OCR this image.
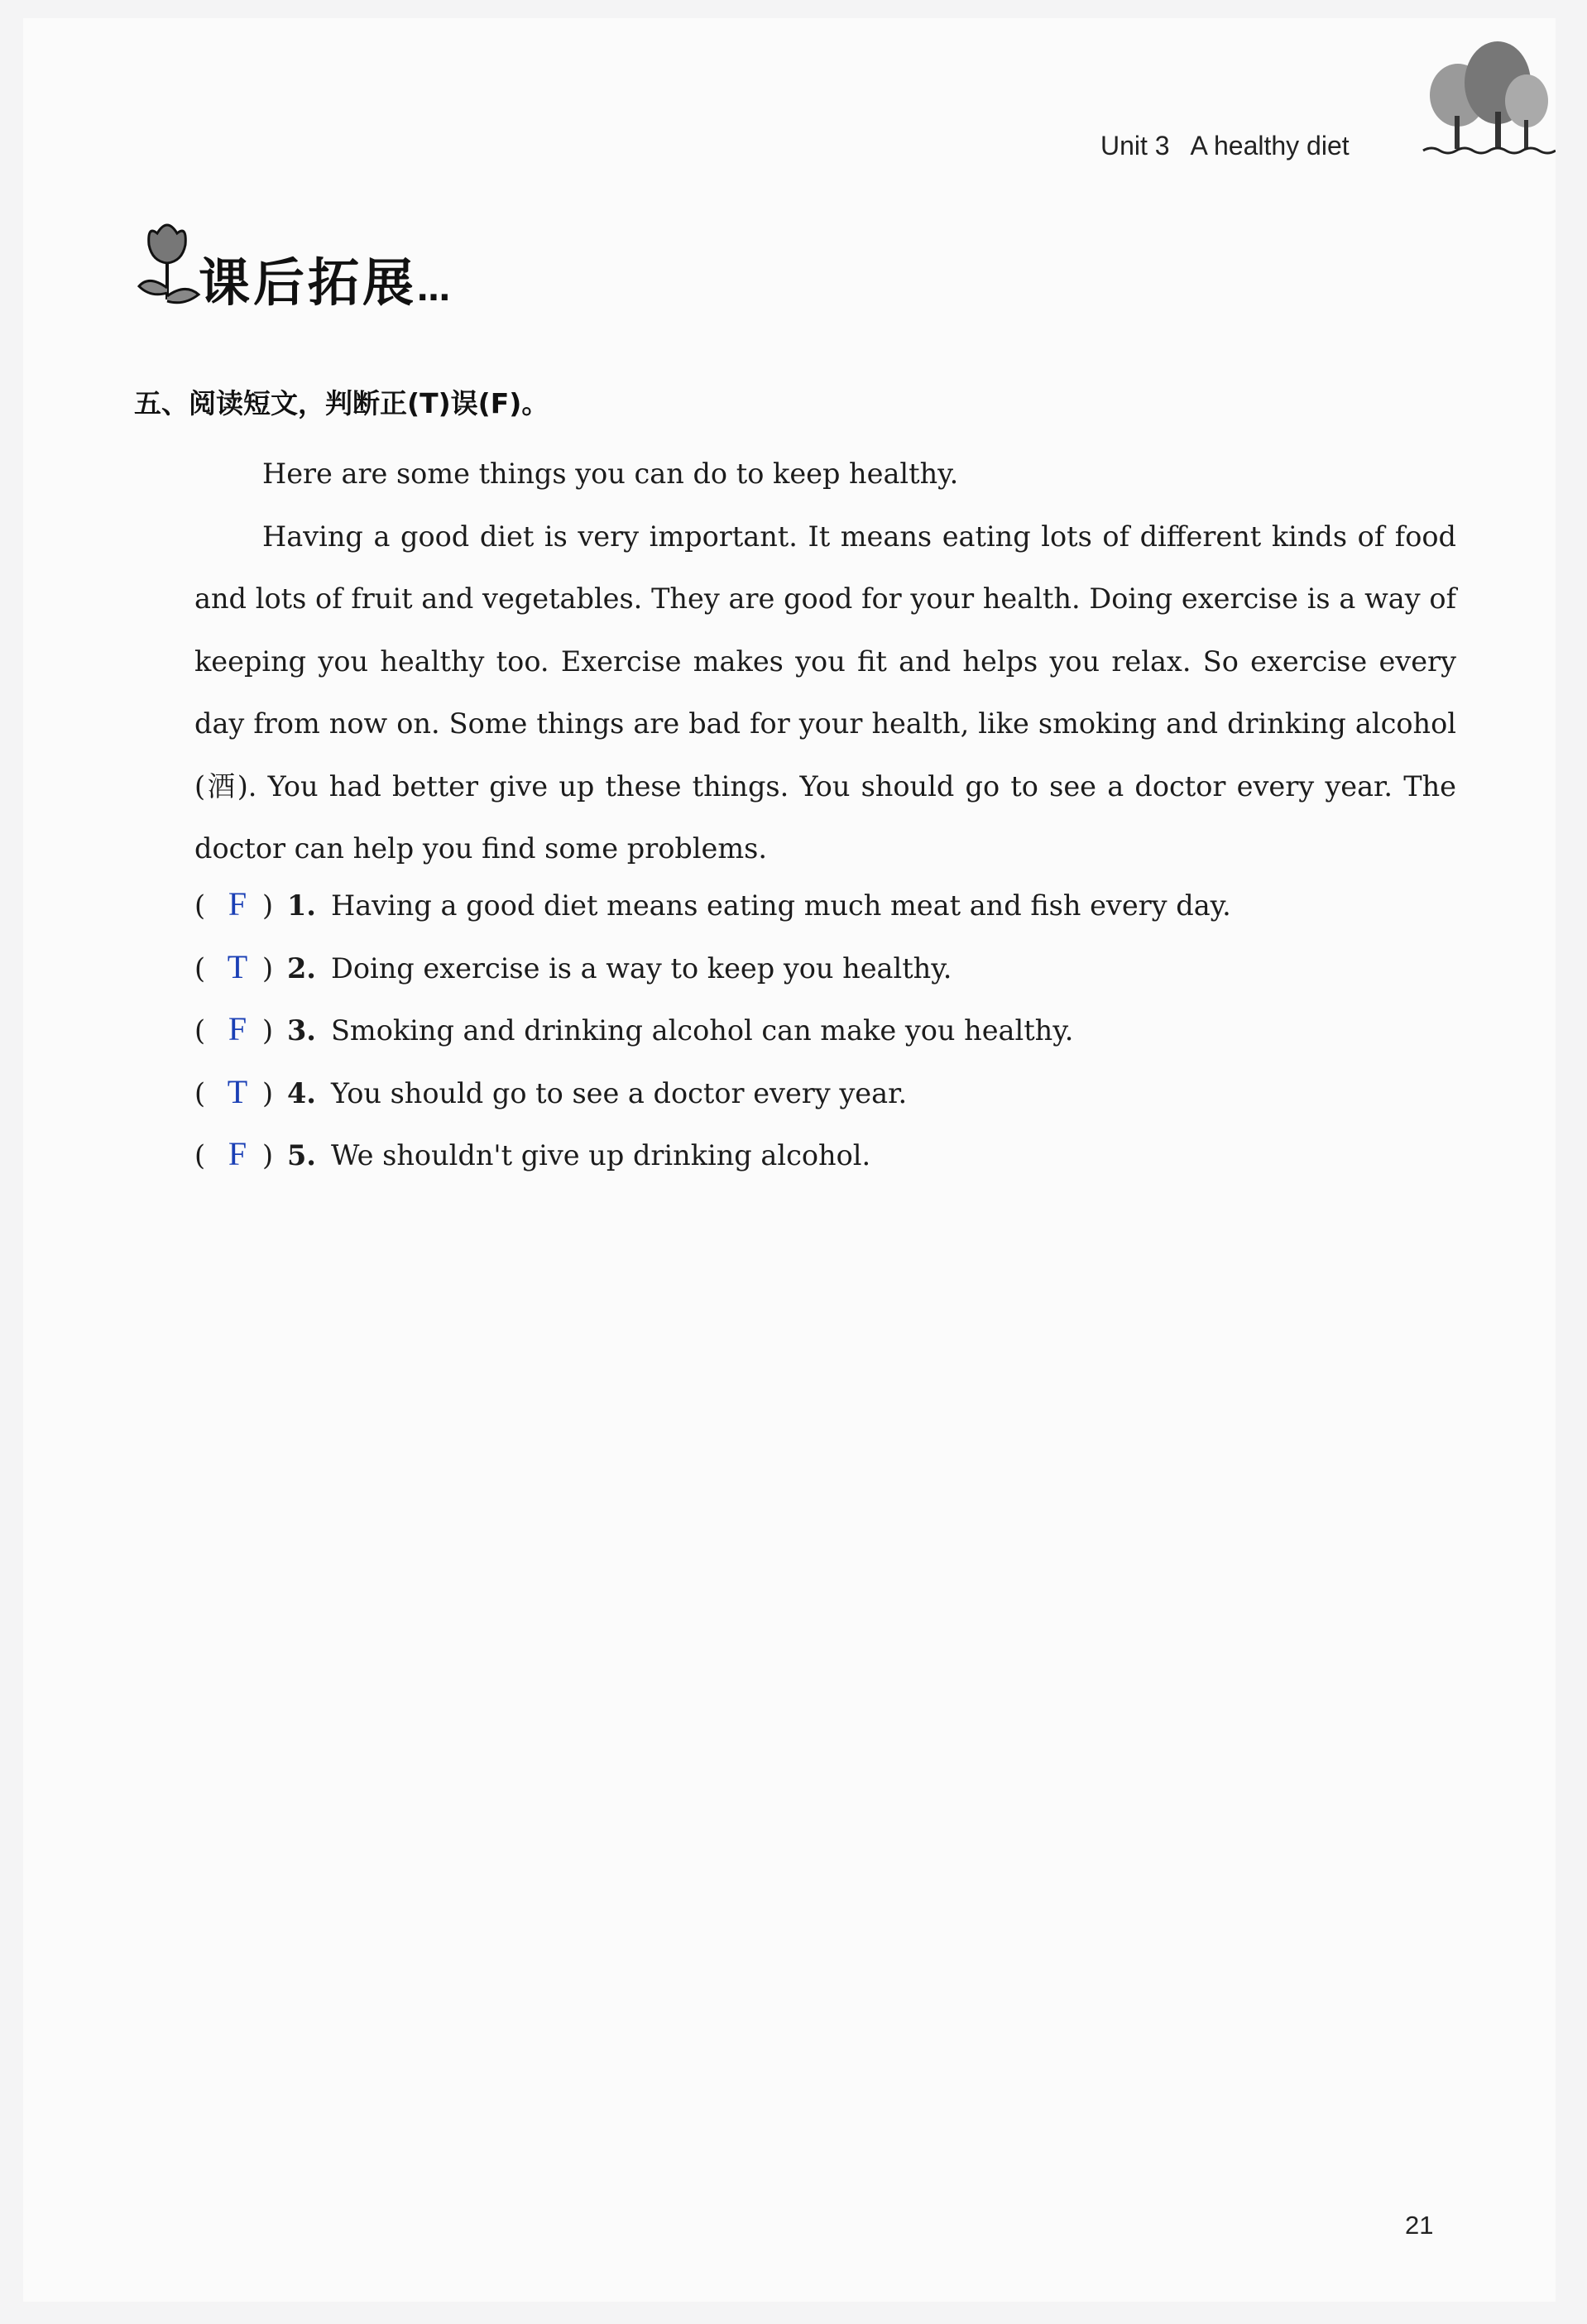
Unit 3   A healthy diet
课后拓展…
五、阅读短文，判断正(T)误(F)。

Here are some things you can do to keep healthy.

Having a good diet is very important. It means eating lots of different kinds of food and lots of fruit and vegetables. They are good for your health. Doing exercise is a way of keeping you healthy too. Exercise makes you fit and helps you relax. So exercise every day from now on. Some things are bad for your health, like smoking and drinking alcohol (酒). You had better give up these things. You should go to see a doctor every year. The doctor can help you find some problems.

( F ) 1. Having a good diet means eating much meat and fish every day.
( T ) 2. Doing exercise is a way to keep you healthy.
( F ) 3. Smoking and drinking alcohol can make you healthy.
( T ) 4. You should go to see a doctor every year.
( F ) 5. We shouldn't give up drinking alcohol.
21
